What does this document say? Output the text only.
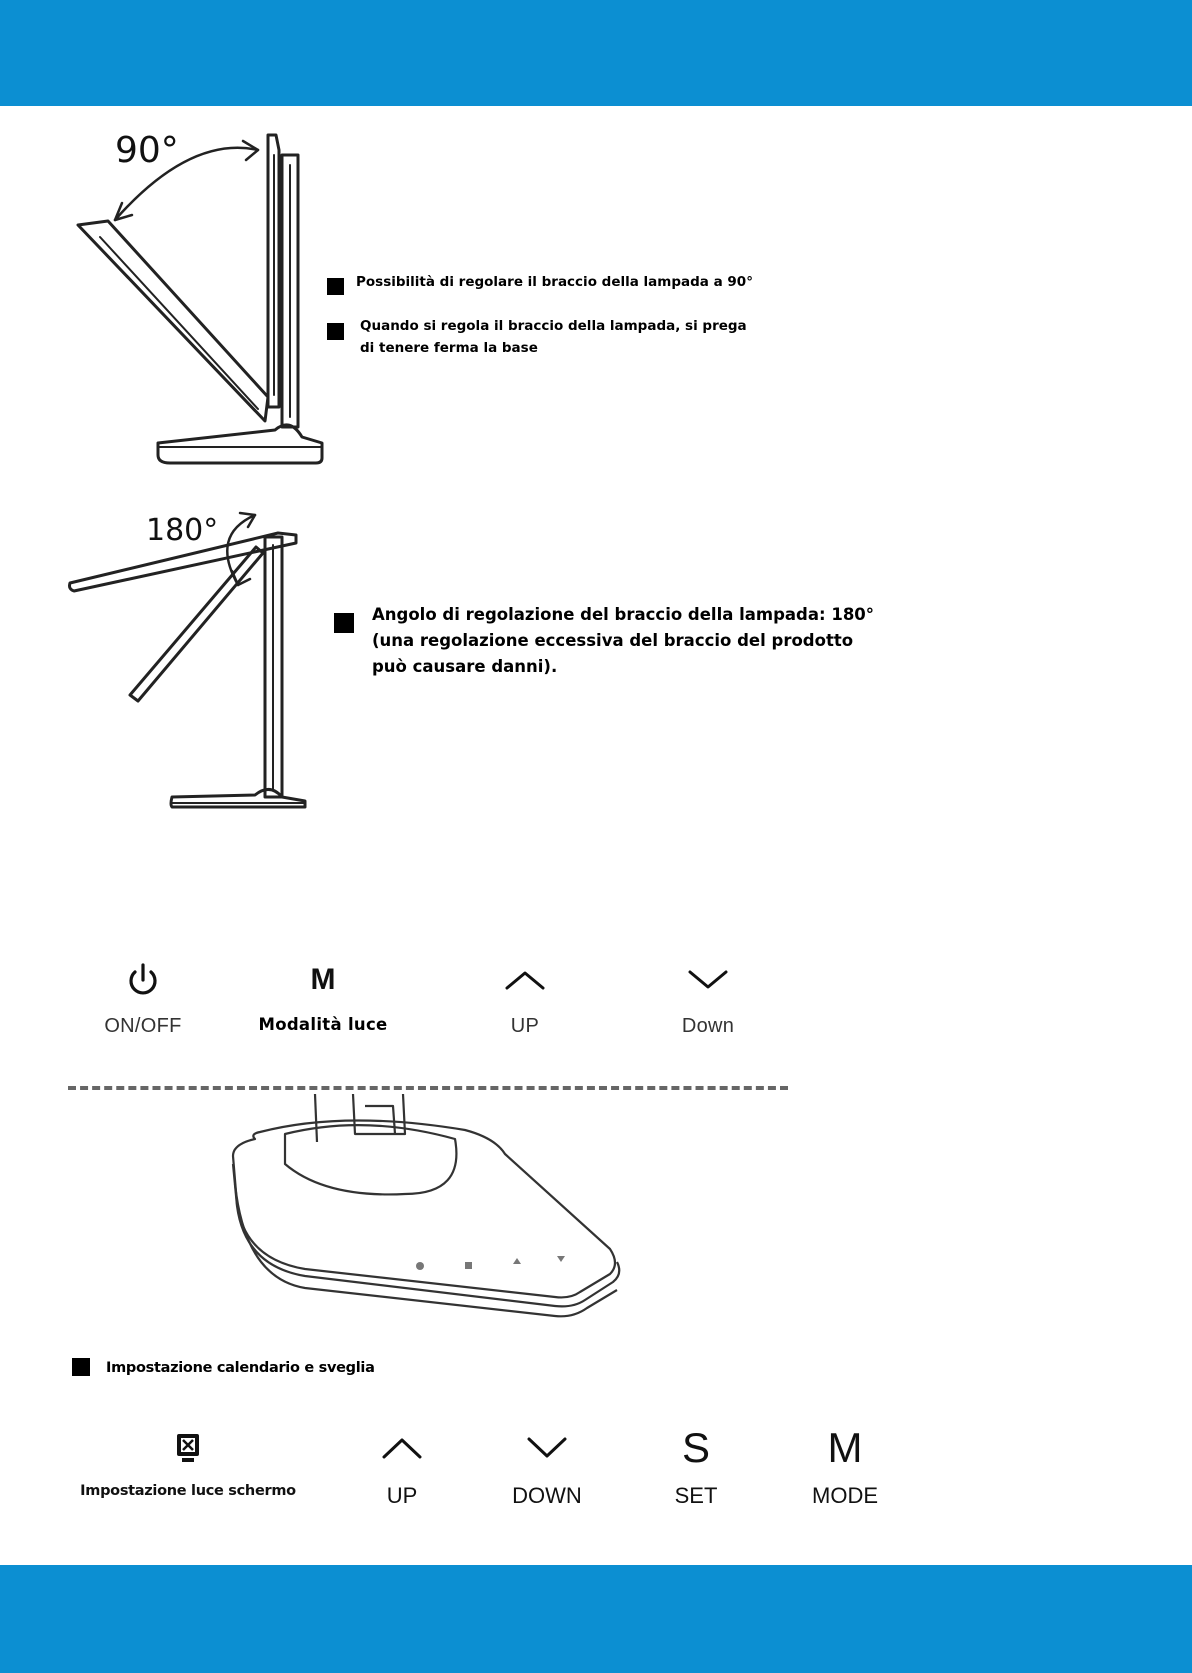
90°
Possibilità di regolare il braccio della lampada a 90°
Quando si regola il braccio della lampada, si prega
di tenere ferma la base
180°
Angolo di regolazione del braccio della lampada: 180°
(una regolazione eccessiva del braccio del prodotto
può causare danni).
ON/OFF
M
Modalità luce	UP	Down
Impostazione calendario e sveglia
Impostazione luce schermo	UP	DOWN
S
SET
M
MODE
